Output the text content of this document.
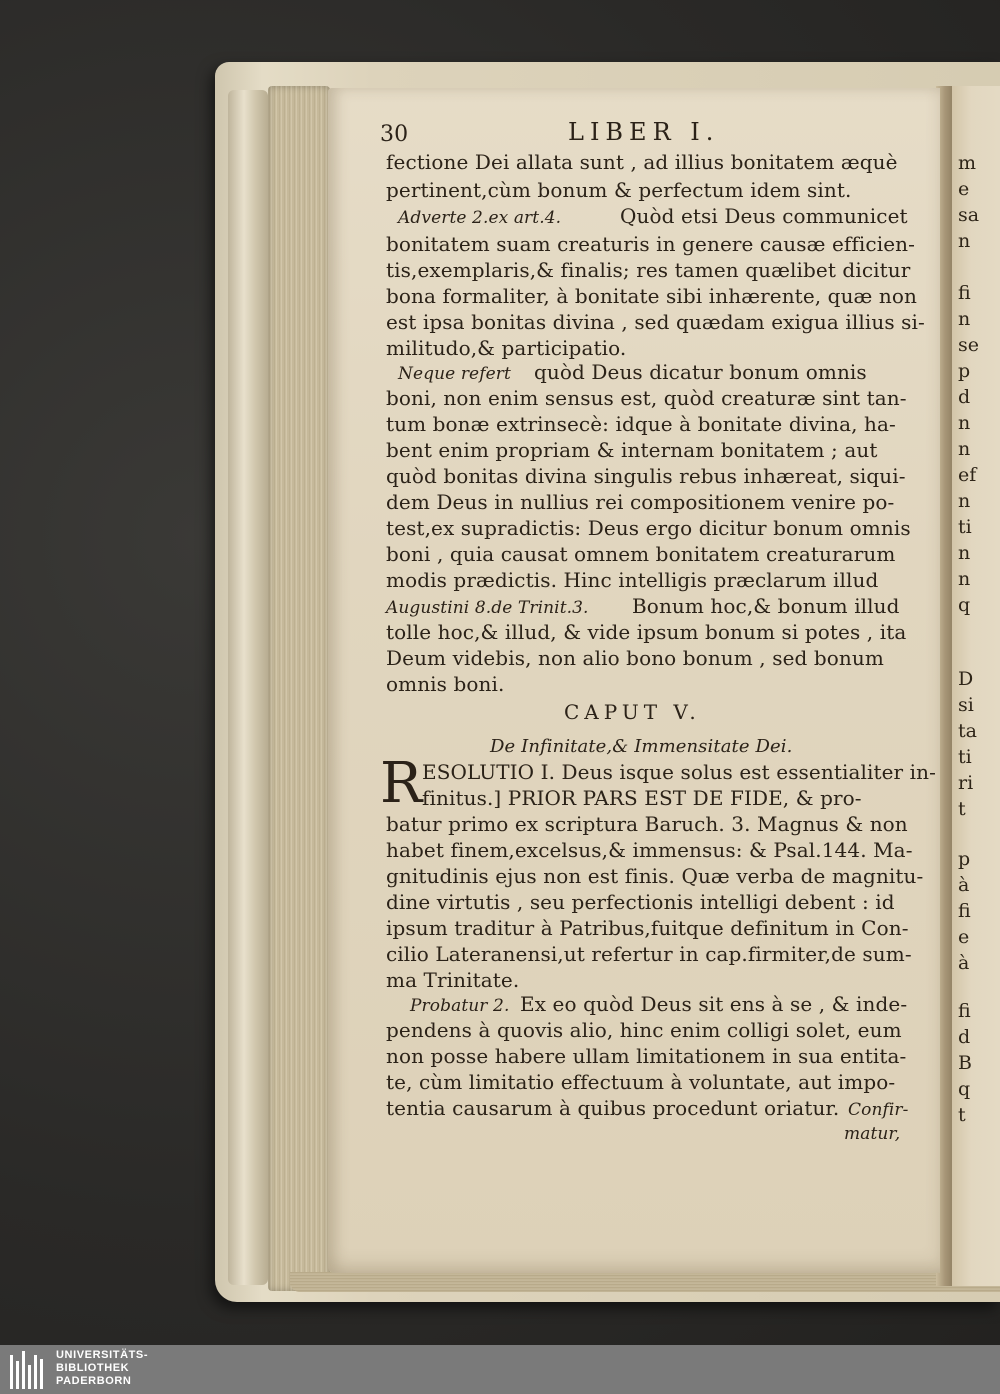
m
e
sa
n
fi
n
se
p
d
n
n
ef
n
ti
n
n
q
D
si
ta
ti
ri
t
p
à
fi
e
à
fi
d
B
q
t
30	LIBER I.
fectione Dei allata sunt , ad illius bonitatem æquè
pertinent,cùm bonum & perfectum idem sint.
Adverte 2.ex art.4.	Quòd etsi Deus communicet
bonitatem suam creaturis in genere causæ efficien-
tis,exemplaris,& finalis; res tamen quælibet dicitur
bona formaliter, à bonitate sibi inhærente, quæ non
est ipsa bonitas divina , sed quædam exigua illius si-
militudo,& participatio.
Neque refert quòd Deus dicatur bonum omnis
boni, non enim sensus est, quòd creaturæ sint tan-
tum bonæ extrinsecè: idque à bonitate divina, ha-
bent enim propriam & internam bonitatem ; aut
quòd bonitas divina singulis rebus inhæreat, siqui-
dem Deus in nullius rei compositionem venire po-
test,ex supradictis: Deus ergo dicitur bonum omnis
boni , quia causat omnem bonitatem creaturarum
modis prædictis. Hinc intelligis præclarum illud
Augustini 8.de Trinit.3. Bonum hoc,& bonum illud
tolle hoc,& illud, & vide ipsum bonum si potes , ita
Deum videbis, non alio bono bonum , sed bonum
omnis boni.
CAPUT V.
De Infinitate,& Immensitate Dei.
R ESOLUTIO I. Deus isque solus est essentialiter in-
finitus.] PRIOR PARS EST DE FIDE, & pro-
batur primo ex scriptura Baruch. 3. Magnus & non
habet finem,excelsus,& immensus: & Psal.144. Ma-
gnitudinis ejus non est finis. Quæ verba de magnitu-
dine virtutis , seu perfectionis intelligi debent : id
ipsum traditur à Patribus,fuitque definitum in Con-
cilio Lateranensi,ut refertur in cap.firmiter,de sum-
ma Trinitate.
Probatur 2. Ex eo quòd Deus sit ens à se , & inde-
pendens à quovis alio, hinc enim colligi solet, eum
non posse habere ullam limitationem in sua entita-
te, cùm limitatio effectuum à voluntate, aut impo-
tentia causarum à quibus procedunt oriatur. Confir-
matur,
UNIVERSITÄTS-
BIBLIOTHEK
PADERBORN
